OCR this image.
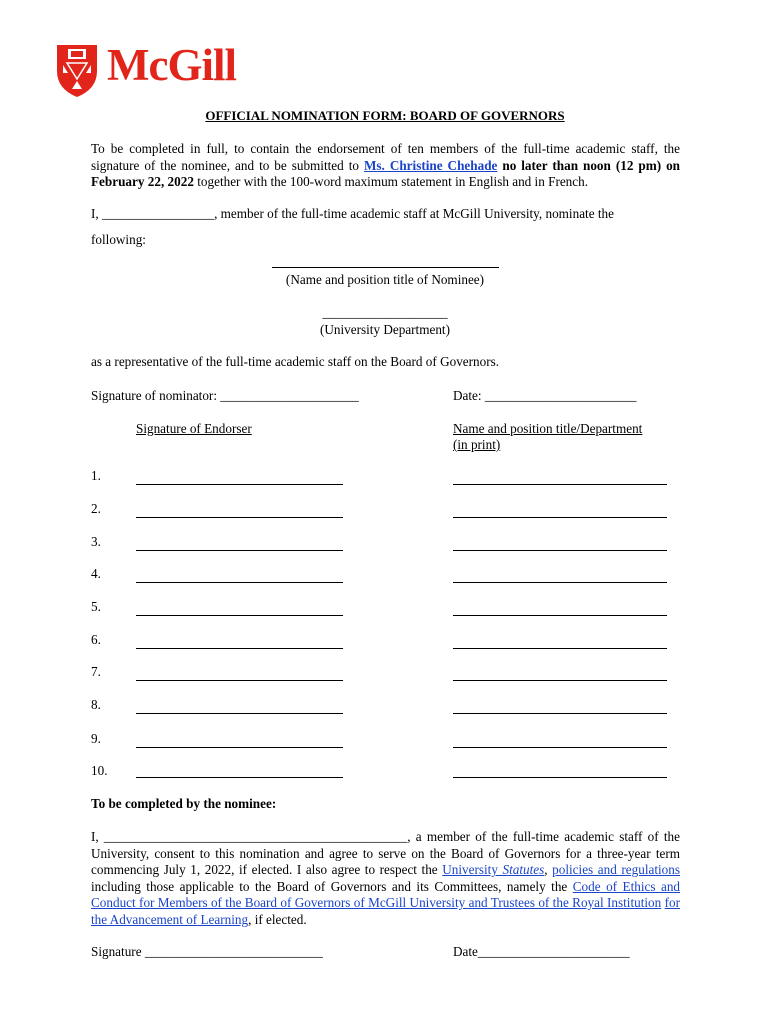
McGill
OFFICIAL NOMINATION FORM: BOARD OF GOVERNORS
To be completed in full, to contain the endorsement of ten members of the full-time academic staff, the signature of the nominee, and to be submitted to Ms. Christine Chehade no later than noon (12 pm) on February 22, 2022 together with the 100-word maximum statement in English and in French.
I, _________________, member of the full-time academic staff at McGill University, nominate the
following:
(Name and position title of Nominee)
___________________
(University Department)
as a representative of the full-time academic staff on the Board of Governors.
Signature of nominator: _____________________	Date: _______________________
Signature of Endorser	Name and position title/Department
(in print)
1.
2.
3.
4.
5.
6.
7.
8.
9.
10.
To be completed by the nominee:
I, ______________________________________________, a member of the full-time academic staff of the University, consent to this nomination and agree to serve on the Board of Governors for a three-year term commencing July 1, 2022, if elected. I also agree to respect the University Statutes, policies and regulations including those applicable to the Board of Governors and its Committees, namely the Code of Ethics and Conduct for Members of the Board of Governors of McGill University and Trustees of the Royal Institution for the Advancement of Learning, if elected.
Signature ___________________________	Date_______________________
